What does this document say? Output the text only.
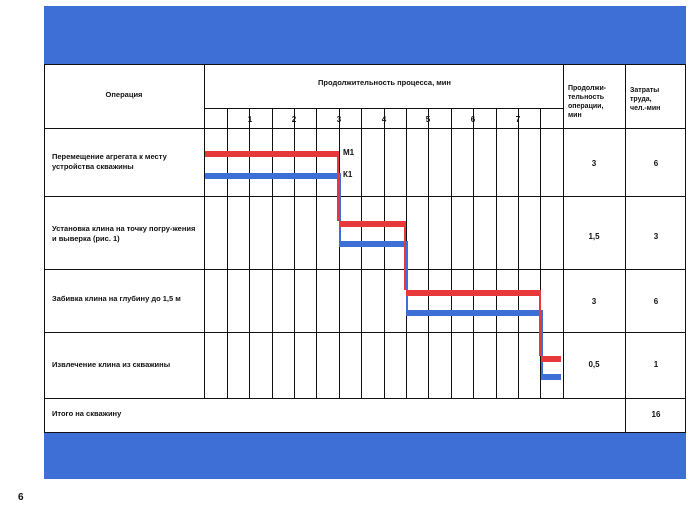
Операция
Продолжительность процесса, мин
Продолжи-
тельность
операции,
мин
Затраты
труда,
чел.-мин
1	2	3	4	5	6	7
Перемещение агрегата к месту устройства скважины	3	6
Установка клина на точку погру-жения и выверка (рис. 1)	1,5	3
Забивка клина на глубину до 1,5 м	3	6
Извлечение клина из скважины	0,5	1
Итого на скважину	16
М1
К1
6
